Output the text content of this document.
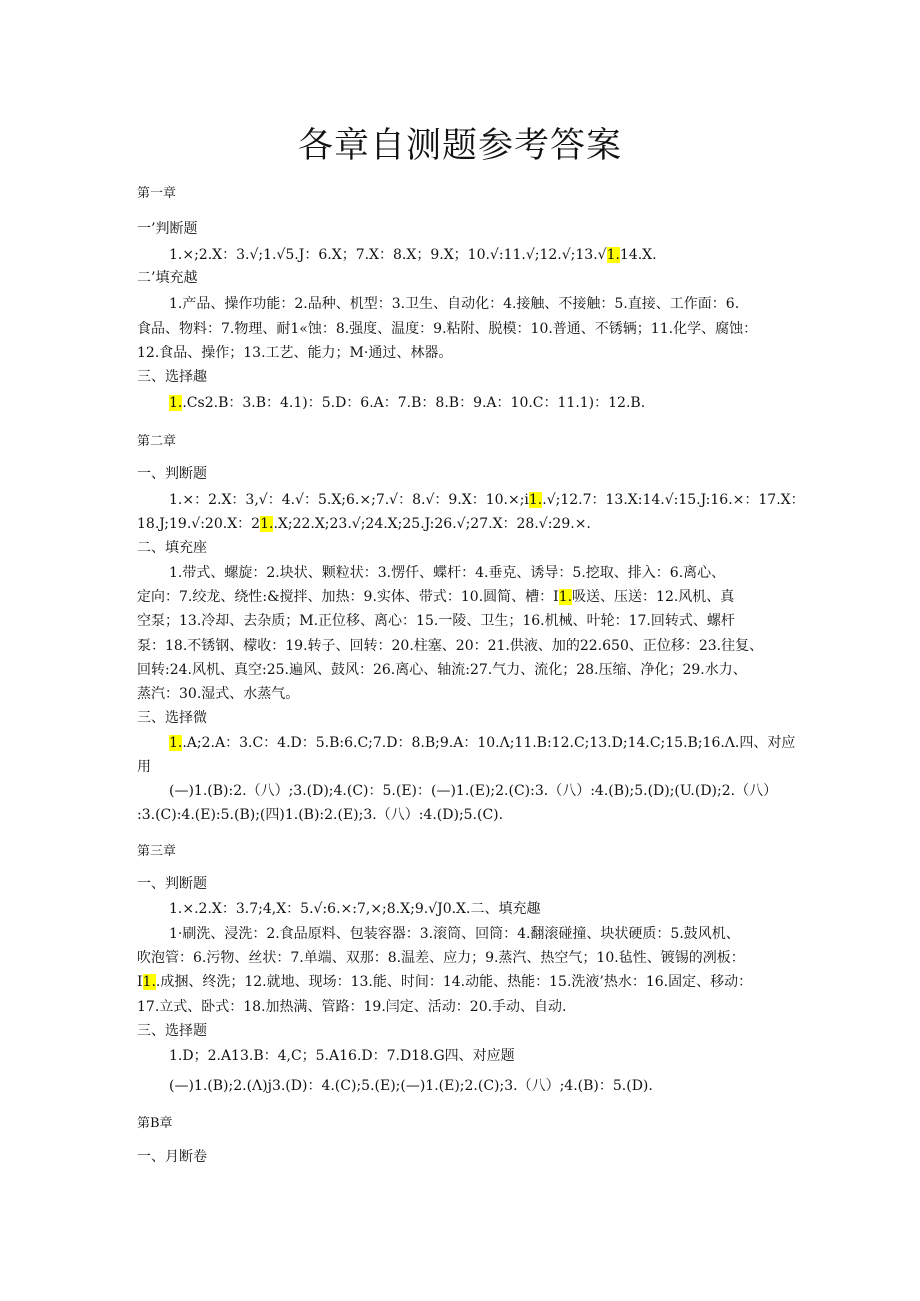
各章自测题参考答案
第一章
一’判断题
1.×;2.X：3.√;1.√5.J：6.X；7.X：8.X；9.X；10.√:11.√;12.√;13.√1.14.X.
二’填充越
1.产品、操作功能：2.品种、机型：3.卫生、自动化：4.接触、不接触：5.直接、工作面：6.
食品、物料：7.物理、耐1«蚀：8.强度、温度：9.粘附、脱模：10.普通、不锈辆；11.化学、腐蚀：
12.食品、操作；13.工艺、能力；M·通过、林器。
三、选择趣
1..Cs2.B：3.B：4.1)：5.D：6.A：7.B：8.B：9.A：10.C：11.1)：12.B.
第二章
一、判断题
1.×：2.X：3,√：4.√：5.X;6.×;7.√：8.√：9.X：10.×;i1..√;12.7：13.X:14.√:15.J:16.×：17.X：
18.J;19.√:20.X：21..X;22.X;23.√;24.X;25.J:26.√;27.X：28.√:29.×.
二、填充座
1.带式、螺旋：2.块状、颗粒状：3.愣仟、蝶杆：4.垂克、诱导：5.挖取、排入：6.离心、
定向：7.绞龙、绕性:&搅拌、加热：9.实体、带式：10.圆简、槽：I1.吸送、压送：12.风机、真
空泵；13.冷却、去杂质；M.正位移、离心：15.一陵、卫生；16.机械、叶轮：17.回转式、螺杆
泵：18.不锈钢、檬收：19.转子、回转：20.柱塞、20：21.供液、加的22.650、正位移：23.往复、
回转:24.风机、真空:25.遍风、鼓风：26.离心、轴流:27.气力、流化；28.压缩、净化；29.水力、
蒸汽：30.湿式、水蒸气。
三、选择微
1..A;2.A：3.C：4.D：5.B:6.C;7.D：8.B;9.A：10.Λ;11.B:12.C;13.D;14.C;15.B;16.Λ.四、对应
用
(—)1.(B):2.（八）;3.(D);4.(C)：5.(E)：(—)1.(E);2.(C):3.（八）:4.(B);5.(D);(U.(D);2.（八）
:3.(C):4.(E):5.(B);(四)1.(B):2.(E);3.（八）:4.(D);5.(C).
第三章
一、判断题
1.×.2.X：3.7;4,X：5.√:6.×:7,×;8.X;9.√J0.X.二、填充趣
1·刷洗、浸洗：2.食品原料、包装容器：3.滚筒、回筒：4.翻滚碰撞、块状硬质：5.鼓风机、
吹泡管：6.污物、丝状：7.单端、双那：8.温差、应力；9.蒸汽、热空气；10.毡性、镀锡的冽板：
I1..成捆、终洗；12.就地、现场：13.能、时间：14.动能、热能：15.洗液’热水：16.固定、移动：
17.立式、卧式：18.加热满、管路：19.闫定、活动：20.手动、自动.
三、选择题
1.D；2.A13.B：4,C；5.A16.D：7.D18.G四、对应题
(—)1.(B);2.(Λ)j3.(D)：4.(C);5.(E);(—)1.(E);2.(C);3.（八）;4.(B)：5.(D).
第B章
一、月断卷
